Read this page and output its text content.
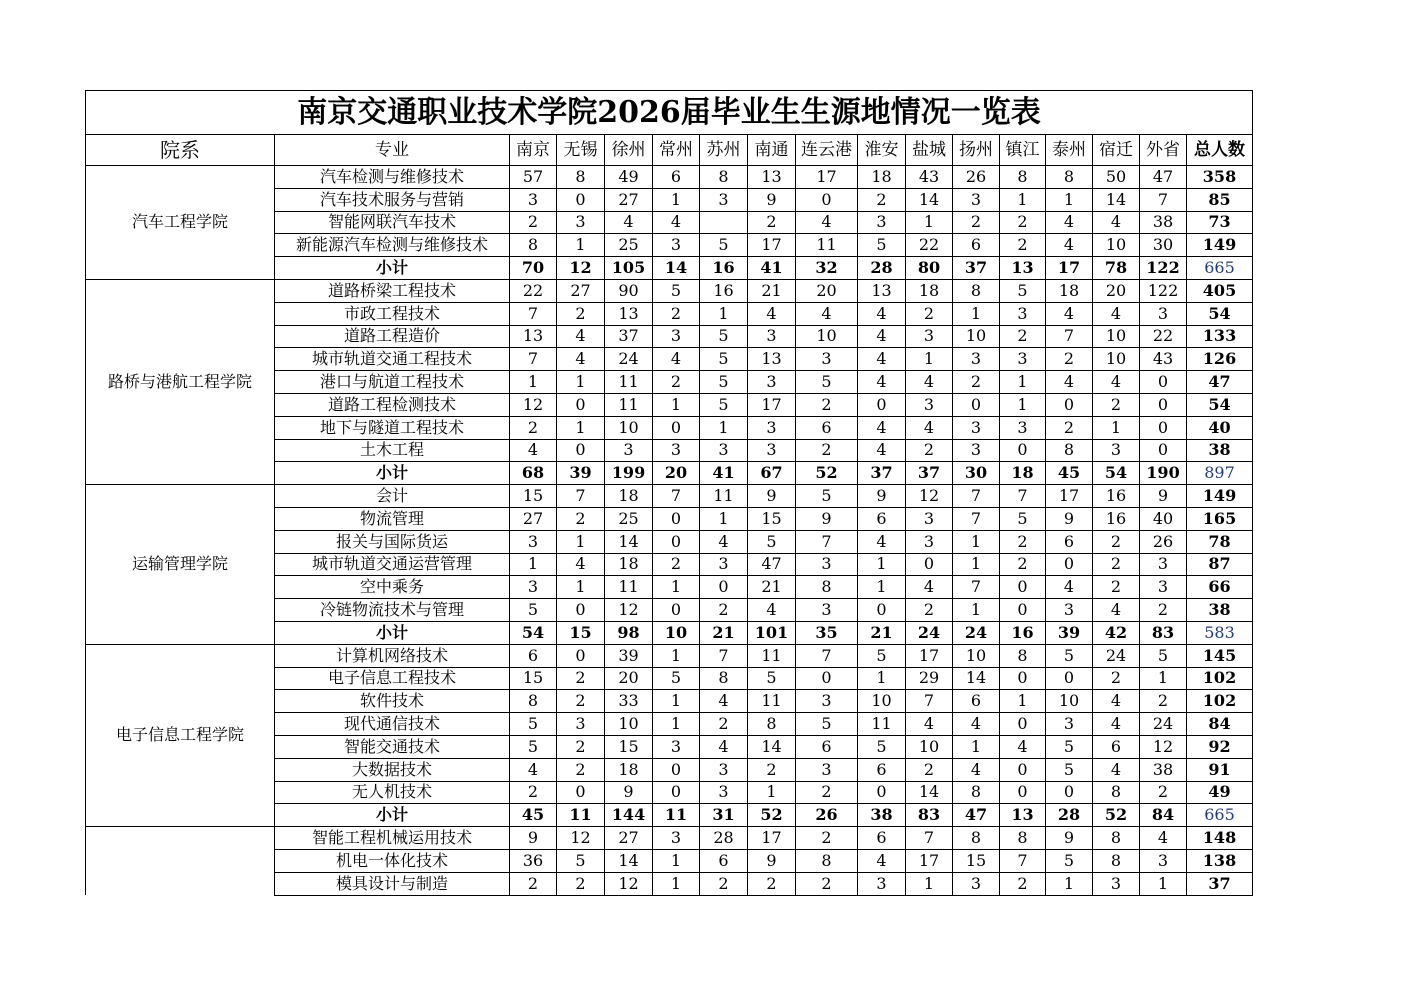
南京交通职业技术学院2026届毕业生生源地情况一览表																
院系	专业	南京	无锡	徐州	常州	苏州	南通	连云港	淮安	盐城	扬州	镇江	泰州	宿迁	外省	总人数
汽车工程学院	汽车检测与维修技术	57	8	49	6	8	13	17	18	43	26	8	8	50	47	358
	汽车技术服务与营销	3	0	27	1	3	9	0	2	14	3	1	1	14	7	85
	智能网联汽车技术	2	3	4	4		2	4	3	1	2	2	4	4	38	73
	新能源汽车检测与维修技术	8	1	25	3	5	17	11	5	22	6	2	4	10	30	149
	小计	70	12	105	14	16	41	32	28	80	37	13	17	78	122	665
路桥与港航工程学院	道路桥梁工程技术	22	27	90	5	16	21	20	13	18	8	5	18	20	122	405
	市政工程技术	7	2	13	2	1	4	4	4	2	1	3	4	4	3	54
	道路工程造价	13	4	37	3	5	3	10	4	3	10	2	7	10	22	133
	城市轨道交通工程技术	7	4	24	4	5	13	3	4	1	3	3	2	10	43	126
	港口与航道工程技术	1	1	11	2	5	3	5	4	4	2	1	4	4	0	47
	道路工程检测技术	12	0	11	1	5	17	2	0	3	0	1	0	2	0	54
	地下与隧道工程技术	2	1	10	0	1	3	6	4	4	3	3	2	1	0	40
	土木工程	4	0	3	3	3	3	2	4	2	3	0	8	3	0	38
	小计	68	39	199	20	41	67	52	37	37	30	18	45	54	190	897
运输管理学院	会计	15	7	18	7	11	9	5	9	12	7	7	17	16	9	149
	物流管理	27	2	25	0	1	15	9	6	3	7	5	9	16	40	165
	报关与国际货运	3	1	14	0	4	5	7	4	3	1	2	6	2	26	78
	城市轨道交通运营管理	1	4	18	2	3	47	3	1	0	1	2	0	2	3	87
	空中乘务	3	1	11	1	0	21	8	1	4	7	0	4	2	3	66
	冷链物流技术与管理	5	0	12	0	2	4	3	0	2	1	0	3	4	2	38
	小计	54	15	98	10	21	101	35	21	24	24	16	39	42	83	583
电子信息工程学院	计算机网络技术	6	0	39	1	7	11	7	5	17	10	8	5	24	5	145
	电子信息工程技术	15	2	20	5	8	5	0	1	29	14	0	0	2	1	102
	软件技术	8	2	33	1	4	11	3	10	7	6	1	10	4	2	102
	现代通信技术	5	3	10	1	2	8	5	11	4	4	0	3	4	24	84
	智能交通技术	5	2	15	3	4	14	6	5	10	1	4	5	6	12	92
	大数据技术	4	2	18	0	3	2	3	6	2	4	0	5	4	38	91
	无人机技术	2	0	9	0	3	1	2	0	14	8	0	0	8	2	49
	小计	45	11	144	11	31	52	26	38	83	47	13	28	52	84	665
	智能工程机械运用技术	9	12	27	3	28	17	2	6	7	8	8	9	8	4	148
	机电一体化技术	36	5	14	1	6	9	8	4	17	15	7	5	8	3	138
	模具设计与制造	2	2	12	1	2	2	2	3	1	3	2	1	3	1	37
